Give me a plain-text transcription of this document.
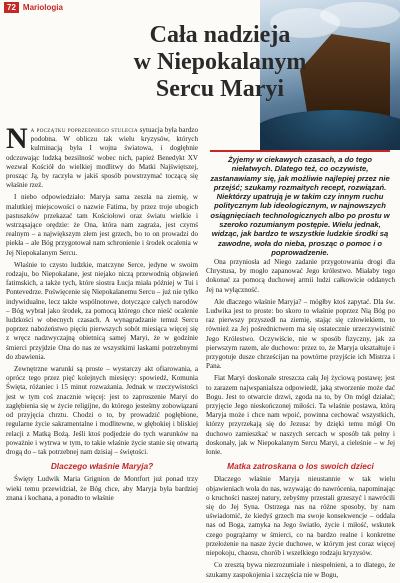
72 Mariologia
Cała nadzieja
w Niepokalanym
Sercu Maryi
Żyjemy w ciekawych czasach, a do tego niełatwych. Dlatego też, co oczywiste, zastanawiamy się, jak możliwie najlepiej przez nie przejść; szukamy rozmaitych recept, rozwiązań. Niektórzy upatrują je w takim czy innym ruchu politycznym lub ideologicznym, w najnowszych osiągnięciach technologicznych albo po prostu w szeroko rozumianym postępie. Wielu jednak, widząc, jak bardzo te wszystkie ludzkie środki są zawodne, woła do nieba, prosząc o pomoc i o poprowadzenie.

Na początku poprzedniego stulecia sytuacja była bardzo podobna. W obliczu tak wielu kryzysów, których kulminacją była I wojna światowa, i dogłębnie odczuwając ludzką bezsilność wobec nich, papież Benedykt XV wezwał Kościół do wielkiej modlitwy do Matki Najświętszej, prosząc Ją, by raczyła w jakiś sposób powstrzymać toczącą się właśnie rzeź.

I niebo odpowiedziało: Maryja sama zeszła na ziemię, w malutkiej miejscowości o nazwie Fatima, by przez troje ubogich pastuszków przekazać tam Kościołowi oraz światu wielkie i wstrząsające orędzie: że Ona, która nam zagraża, jest czymś realnym – a największym złem jest grzech, bo to on prowadzi do piekła – ale Bóg przygotował nam schronienie i środek ocalenia w Jej Niepokalanym Sercu.

Właśnie to czysto ludzkie, matczyne Serce, jedyne w swoim rodzaju, bo Niepokalane, jest niejako niczą przewodnią objawień fatimskich, a także tych, które siostra Łucja miała później w Tui i Pontevedrze. Poświęcenie się Niepokalanemu Sercu – już nie tylko indywidualne, lecz także wspólnotowe, dotyczące całych narodów – Bóg wybrał jako środek, za pomocą którego chce nieść ocalenie ludzkości w obecnych czasach. A wynagradzanie temuż Sercu poprzez nabożeństwo pięciu pierwszych sobót miesiąca więcej się z wręcz nadzwyczajną obietnicą samej Maryi, że w godzinie śmierci przyjdzie Ona do nas ze wszystkimi łaskami potrzebnymi do zbawienia.

Zewnętrzne warunki są proste – wystarczy akt ofiarowania, a oprócz tego przez pięć kolejnych miesięcy: spowiedź, Komunia Święta, różaniec i 15 minut rozważania. Jednak w rzeczywistości jest w tym coś znacznie więcej: jest to zaproszenie Maryi do zagłębienia się w życie religijne, do którego jesteśmy zobowiązani od przyjęcia chrztu. Chodzi o to, by prowadzić pogłębione, regularne życie sakramentalne i modlitewne, w głębokiej i bliskiej relacji z Matką Bożą. Jeśli ktoś podjedzie do tych warunków na poważnie i wytrwa w tym, to takie właśnie życie stanie się otwartą drogą do – tak potrzebnej nam dzisiaj – świętości.

Dlaczego właśnie Maryja?

Święty Ludwik Maria Grignion de Montfort już ponad trzy wieki temu przewidział, że Bóg chce, aby Maryja była bardziej znana i kochana, a ponadto to właśnie

Ona przyniosła ad Niego zadanie przygotowania drogi dla Chrystusa, by mogło zapanować Jego królestwo. Miałaby tego dokonać za pomocą duchowej armii ludzi całkowicie oddanych Jej na wyłączność.

Ale dlaczego właśnie Maryja? – mógłby ktoś zapytać. Dla św. Ludwika jest to proste: bo skoro to właśnie poprzez Nią Bóg po raz pierwszy przyszedł na ziemię, stając się człowiekiem, to również za Jej pośrednictwem ma się ostatecznie urzeczywistnić Jego Królestwo. Oczywiście, nie w sposób fizyczny, jak za pierwszym razem, ale duchowo: przez to, że Maryja ukształtuje i przygotuje dusze chrześcijan na powtórne przyjście ich Mistrza i Pana.

Fiat Maryi doskonale streszcza całą Jej życiową postawę; jest to zarazem najwspanialsza odpowiedź, jaką stworzenie może dać Bogu. Jest to otwarcie drzwi, zgoda na to, by On mógł działać; przyjęcie Jego nieskończonej miłości. Ta właśnie postawa, którą Maryja może i chce nam wpoić, powinna cechować wszystkich, którzy przyrzekają się do Jezusa: by dzięki temu mógł On duchowo zamieszkać w naszych sercach w sposób tak pełny i doskonały, jak w Niepokalanym Sercu Maryi, a cieleśnie – w Jej łonie.

Matka zatroskana o los swoich dzieci

Dlaczego właśnie Maryja nieustannie w tak wielu objawieniach woła do nas, wzywając do nawrócenia, napominając o kruchości naszej natury, zebyśmy przestali grzeszyć i nawrócili się do Jej Syna. Ostrzega nas na różne sposoby, by nam uświadomić, że kiedyś grzech ma swoje konsekwencje – oddala nas od Boga, zamyka na Jego światło, życie i miłość, wskutek czego pogrążamy w śmierci, co na bardzo realne i konkretne przełożenie na nasze życie duchowe, w którym jest coraz więcej niepokoju, chaosu, chorób i wszelkiego rodzaju kryzysów.

Co zresztą bywa niezrozumiałe i niespełnieni, a to dlatego, że szukamy zaspokojenia i szczęścia nie w Bogu,
